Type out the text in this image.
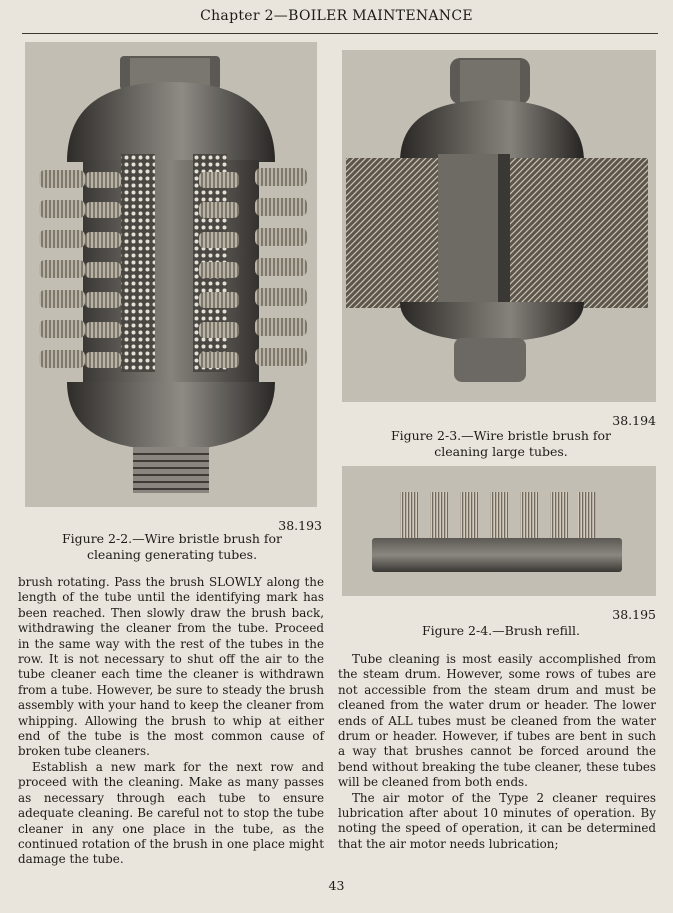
Chapter 2—BOILER MAINTENANCE
38.193
Figure 2-2.—Wire bristle brush for
cleaning generating tubes.
38.194
Figure 2-3.—Wire bristle brush for
cleaning large tubes.
38.195
Figure 2-4.—Brush refill.

brush rotating. Pass the brush SLOWLY along the length of the tube until the identifying mark has been reached. Then slowly draw the brush back, withdrawing the cleaner from the tube. Proceed in the same way with the rest of the tubes in the row. It is not necessary to shut off the air to the tube cleaner each time the cleaner is withdrawn from a tube. However, be sure to steady the brush assembly with your hand to keep the cleaner from whipping. Allowing the brush to whip at either end of the tube is the most common cause of broken tube cleaners.

Establish a new mark for the next row and proceed with the cleaning. Make as many passes as necessary through each tube to ensure adequate cleaning. Be careful not to stop the tube cleaner in any one place in the tube, as the continued rotation of the brush in one place might damage the tube.

Tube cleaning is most easily accomplished from the steam drum. However, some rows of tubes are not accessible from the steam drum and must be cleaned from the water drum or header. The lower ends of ALL tubes must be cleaned from the water drum or header. However, if tubes are bent in such a way that brushes cannot be forced around the bend without breaking the tube cleaner, these tubes will be cleaned from both ends.

The air motor of the Type 2 cleaner requires lubrication after about 10 minutes of operation. By noting the speed of operation, it can be determined that the air motor needs lubrication;

43
